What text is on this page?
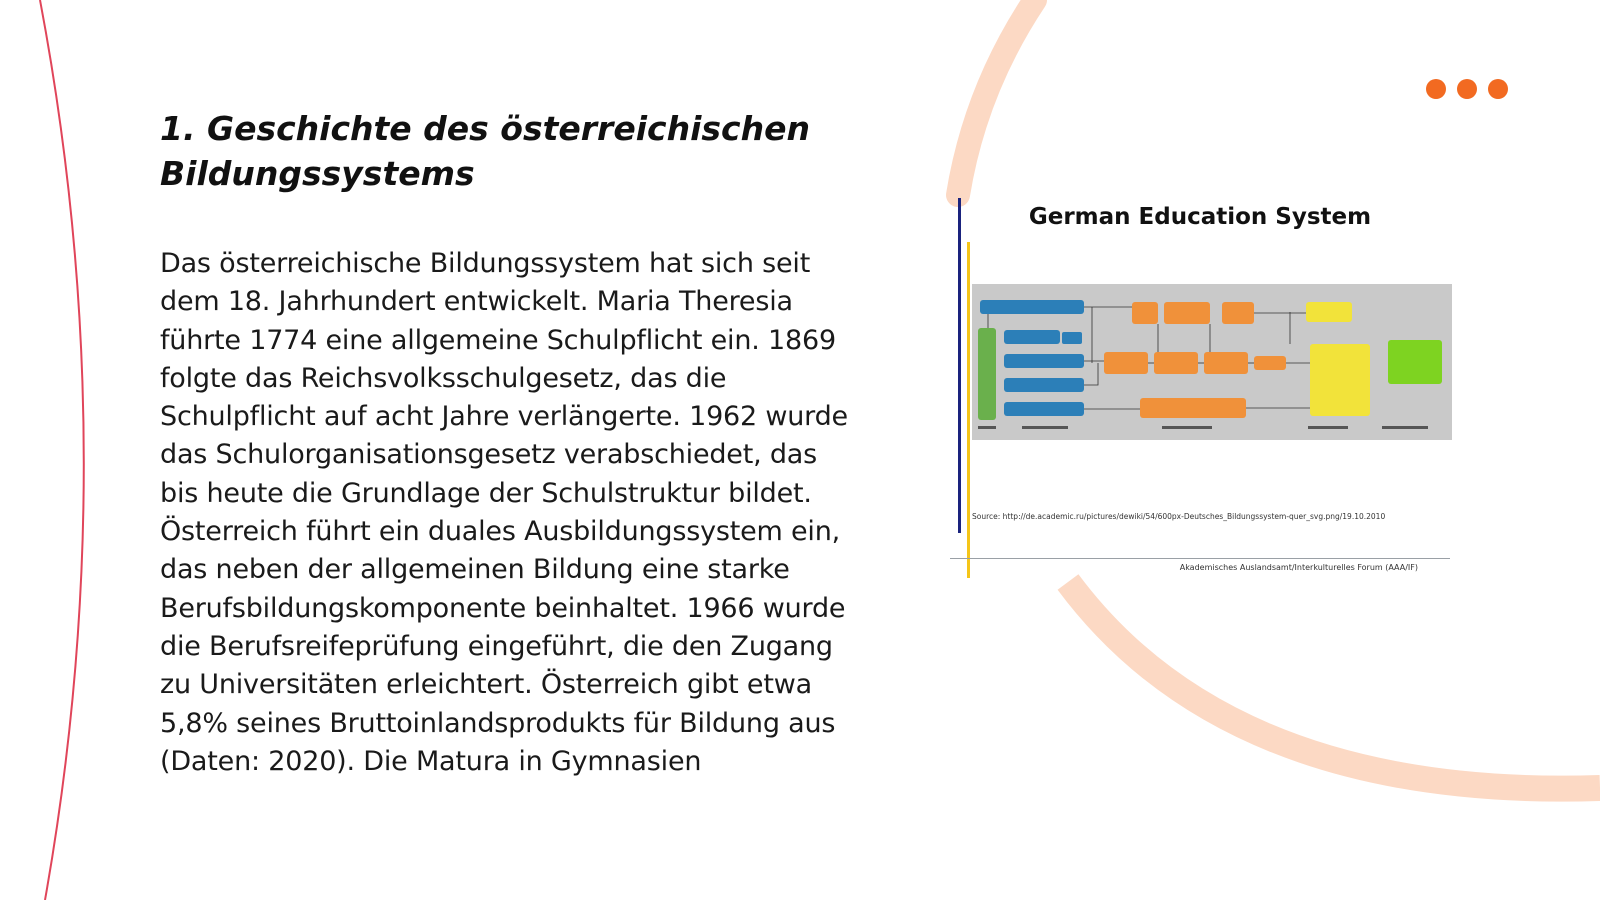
1. Geschichte des österreichischen Bildungssystems

Das österreichische Bildungssystem hat sich seit dem 18. Jahrhundert entwickelt. Maria Theresia führte 1774 eine allgemeine Schulpflicht ein. 1869 folgte das Reichsvolksschulgesetz, das die Schulpflicht auf acht Jahre verlängerte. 1962 wurde das Schulorganisationsgesetz verabschiedet, das bis heute die Grundlage der Schulstruktur bildet. Österreich führt ein duales Ausbildungssystem ein, das neben der allgemeinen Bildung eine starke Berufsbildungskomponente beinhaltet. 1966 wurde die Berufsreifeprüfung eingeführt, die den Zugang zu Universitäten erleichtert. Österreich gibt etwa 5,8% seines Bruttoinlandsprodukts für Bildung aus (Daten: 2020). Die Matura in Gymnasien

German Education System
Source: http://de.academic.ru/pictures/dewiki/54/600px-Deutsches_Bildungssystem-quer_svg.png/19.10.2010
Akademisches Auslandsamt/Interkulturelles Forum (AAA/IF)
